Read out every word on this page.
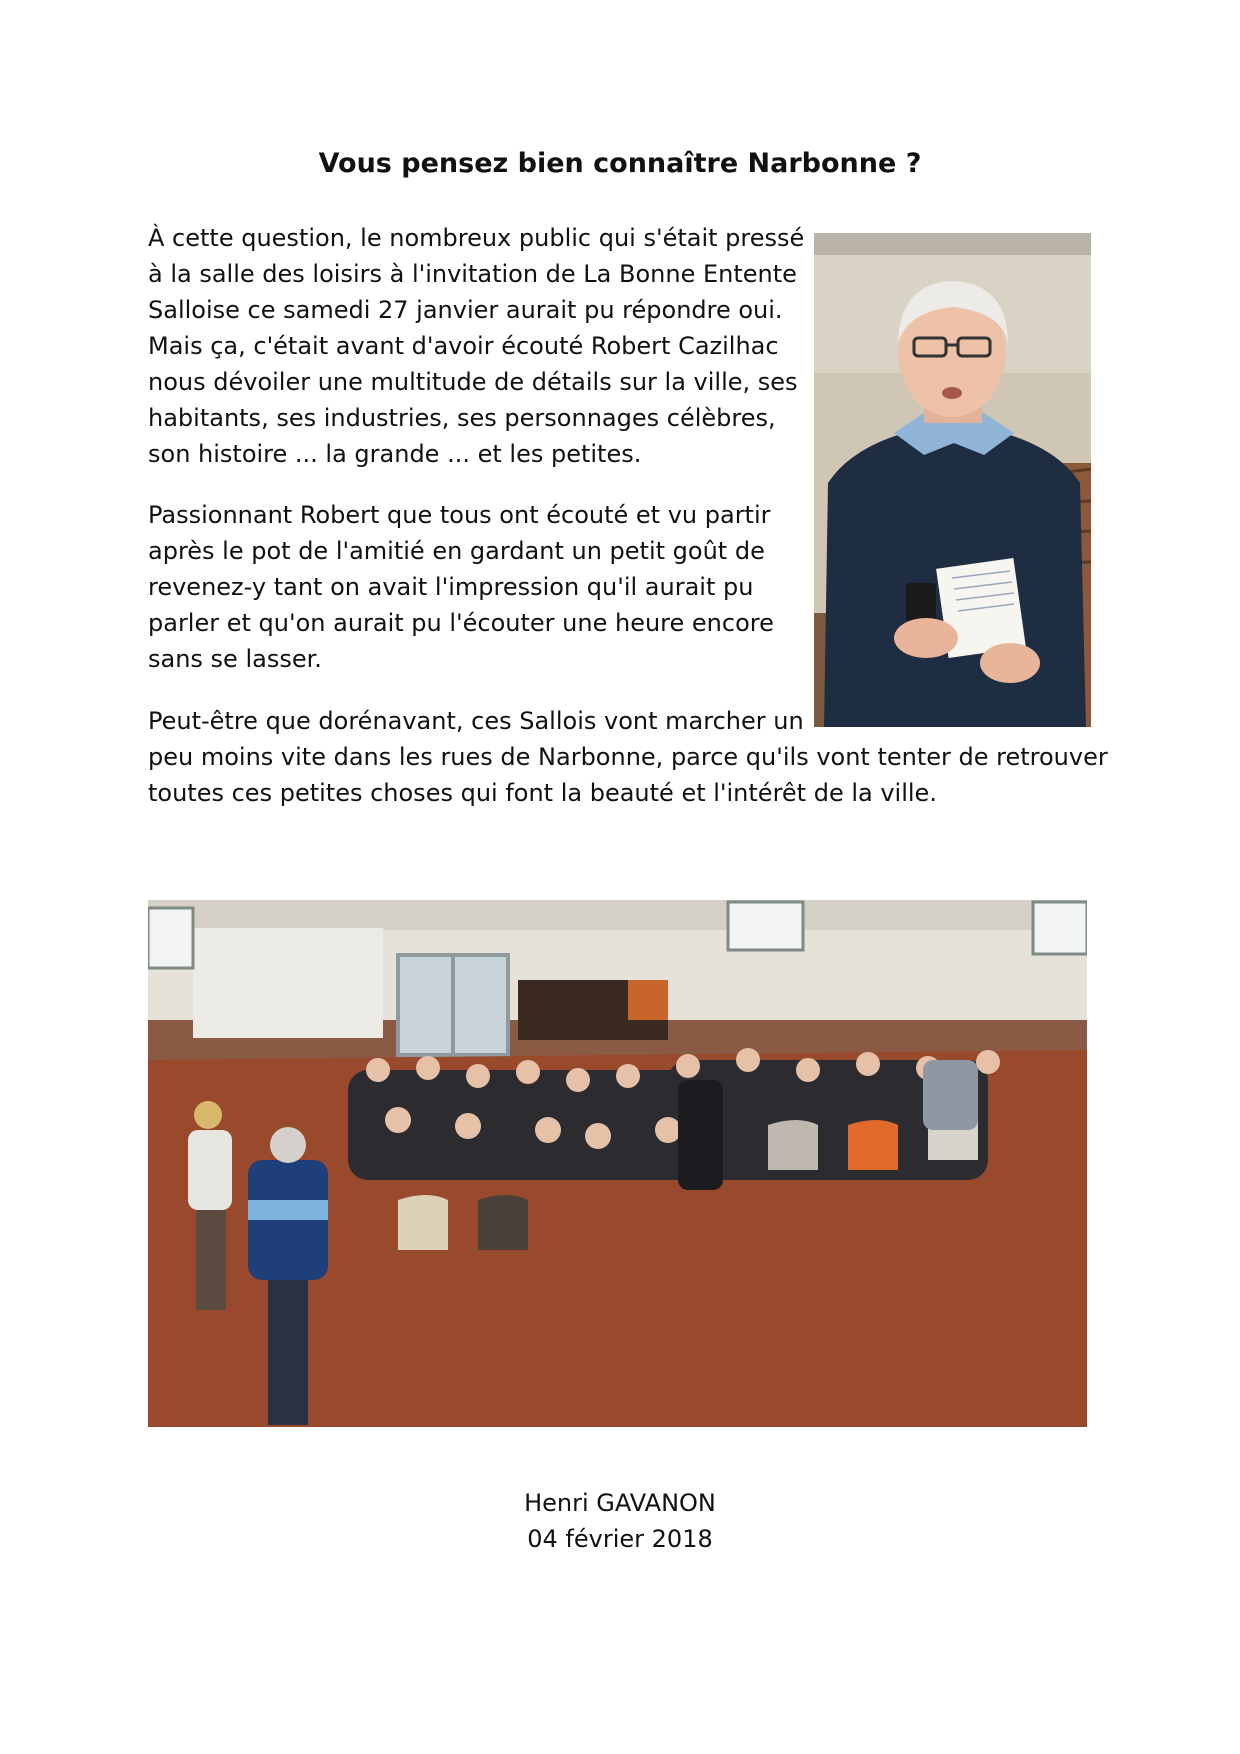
Vous pensez bien connaître Narbonne ?

À cette question, le nombreux public qui s'était pressé
à la salle des loisirs à l'invitation de La Bonne Entente
Salloise ce samedi 27 janvier aurait pu répondre oui.
Mais ça, c'était avant d'avoir écouté Robert Cazilhac
nous dévoiler une multitude de détails sur la ville, ses
habitants, ses industries, ses personnages célèbres,
son histoire ... la grande ... et les petites.

Passionnant Robert que tous ont écouté et vu partir
après le pot de l'amitié en gardant un petit goût de
revenez-y tant on avait l'impression qu'il aurait pu
parler et qu'on aurait pu l'écouter une heure encore
sans se lasser.

Peut-être que dorénavant, ces Sallois vont marcher un
peu moins vite dans les rues de Narbonne, parce qu'ils vont tenter de retrouver
toutes ces petites choses qui font la beauté et l'intérêt de la ville.

Henri GAVANON
04 février 2018
